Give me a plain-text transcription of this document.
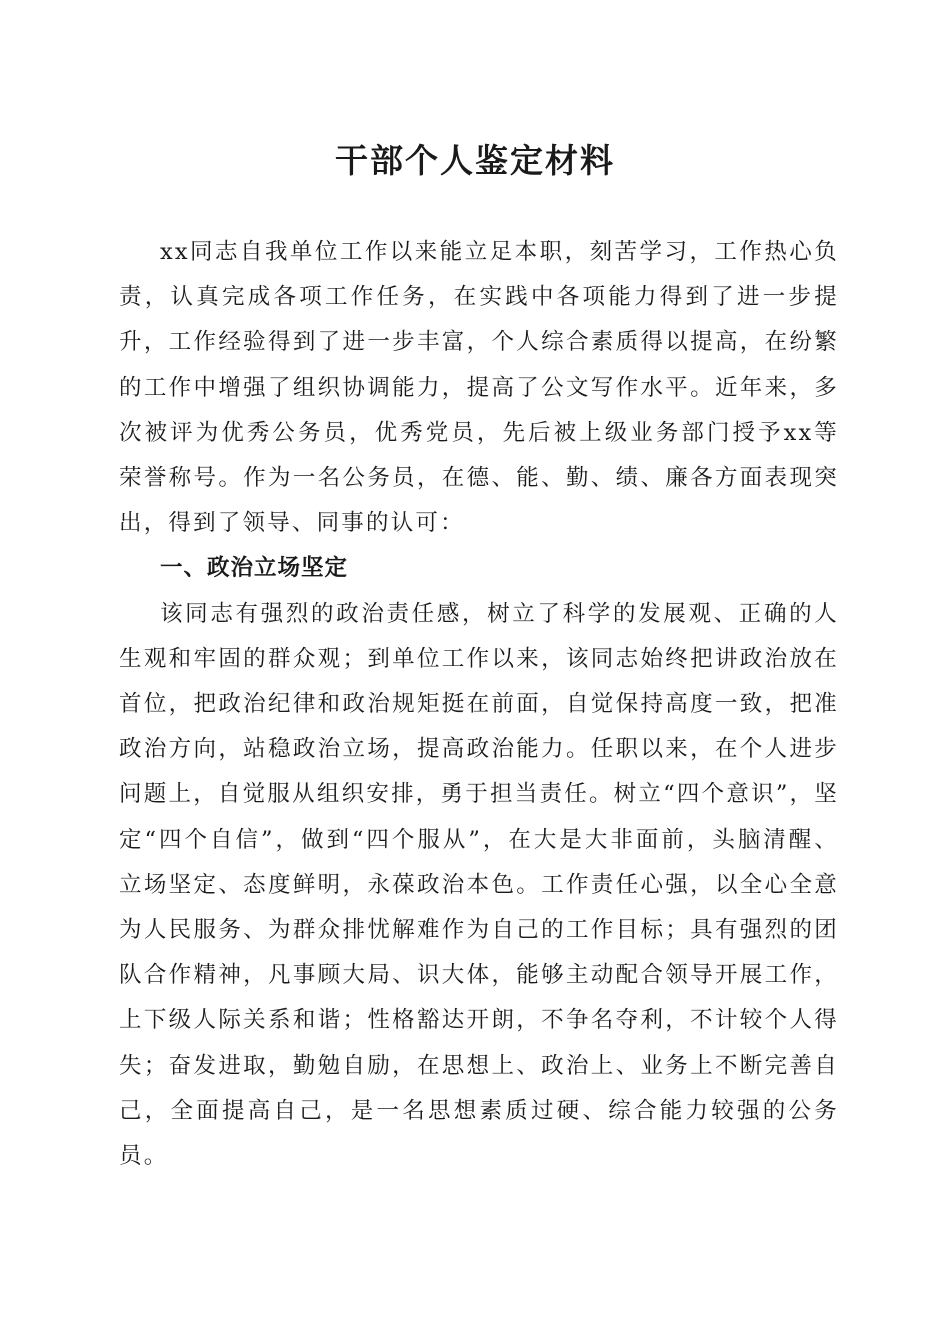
干部个人鉴定材料

xx同志自我单位工作以来能立足本职，刻苦学习，工作热心负责，认真完成各项工作任务，在实践中各项能力得到了进一步提升，工作经验得到了进一步丰富，个人综合素质得以提高，在纷繁的工作中增强了组织协调能力，提高了公文写作水平。近年来，多次被评为优秀公务员，优秀党员，先后被上级业务部门授予xx等荣誉称号。作为一名公务员，在德、能、勤、绩、廉各方面表现突出，得到了领导、同事的认可：

一、政治立场坚定

该同志有强烈的政治责任感，树立了科学的发展观、正确的人生观和牢固的群众观；到单位工作以来，该同志始终把讲政治放在首位，把政治纪律和政治规矩挺在前面，自觉保持高度一致，把准政治方向，站稳政治立场，提高政治能力。任职以来，在个人进步问题上，自觉服从组织安排，勇于担当责任。树立“四个意识”，坚定“四个自信”，做到“四个服从”，在大是大非面前，头脑清醒、立场坚定、态度鲜明，永葆政治本色。工作责任心强，以全心全意为人民服务、为群众排忧解难作为自己的工作目标；具有强烈的团队合作精神，凡事顾大局、识大体，能够主动配合领导开展工作，上下级人际关系和谐；性格豁达开朗，不争名夺利，不计较个人得失；奋发进取，勤勉自励，在思想上、政治上、业务上不断完善自己，全面提高自己，是一名思想素质过硬、综合能力较强的公务员。
